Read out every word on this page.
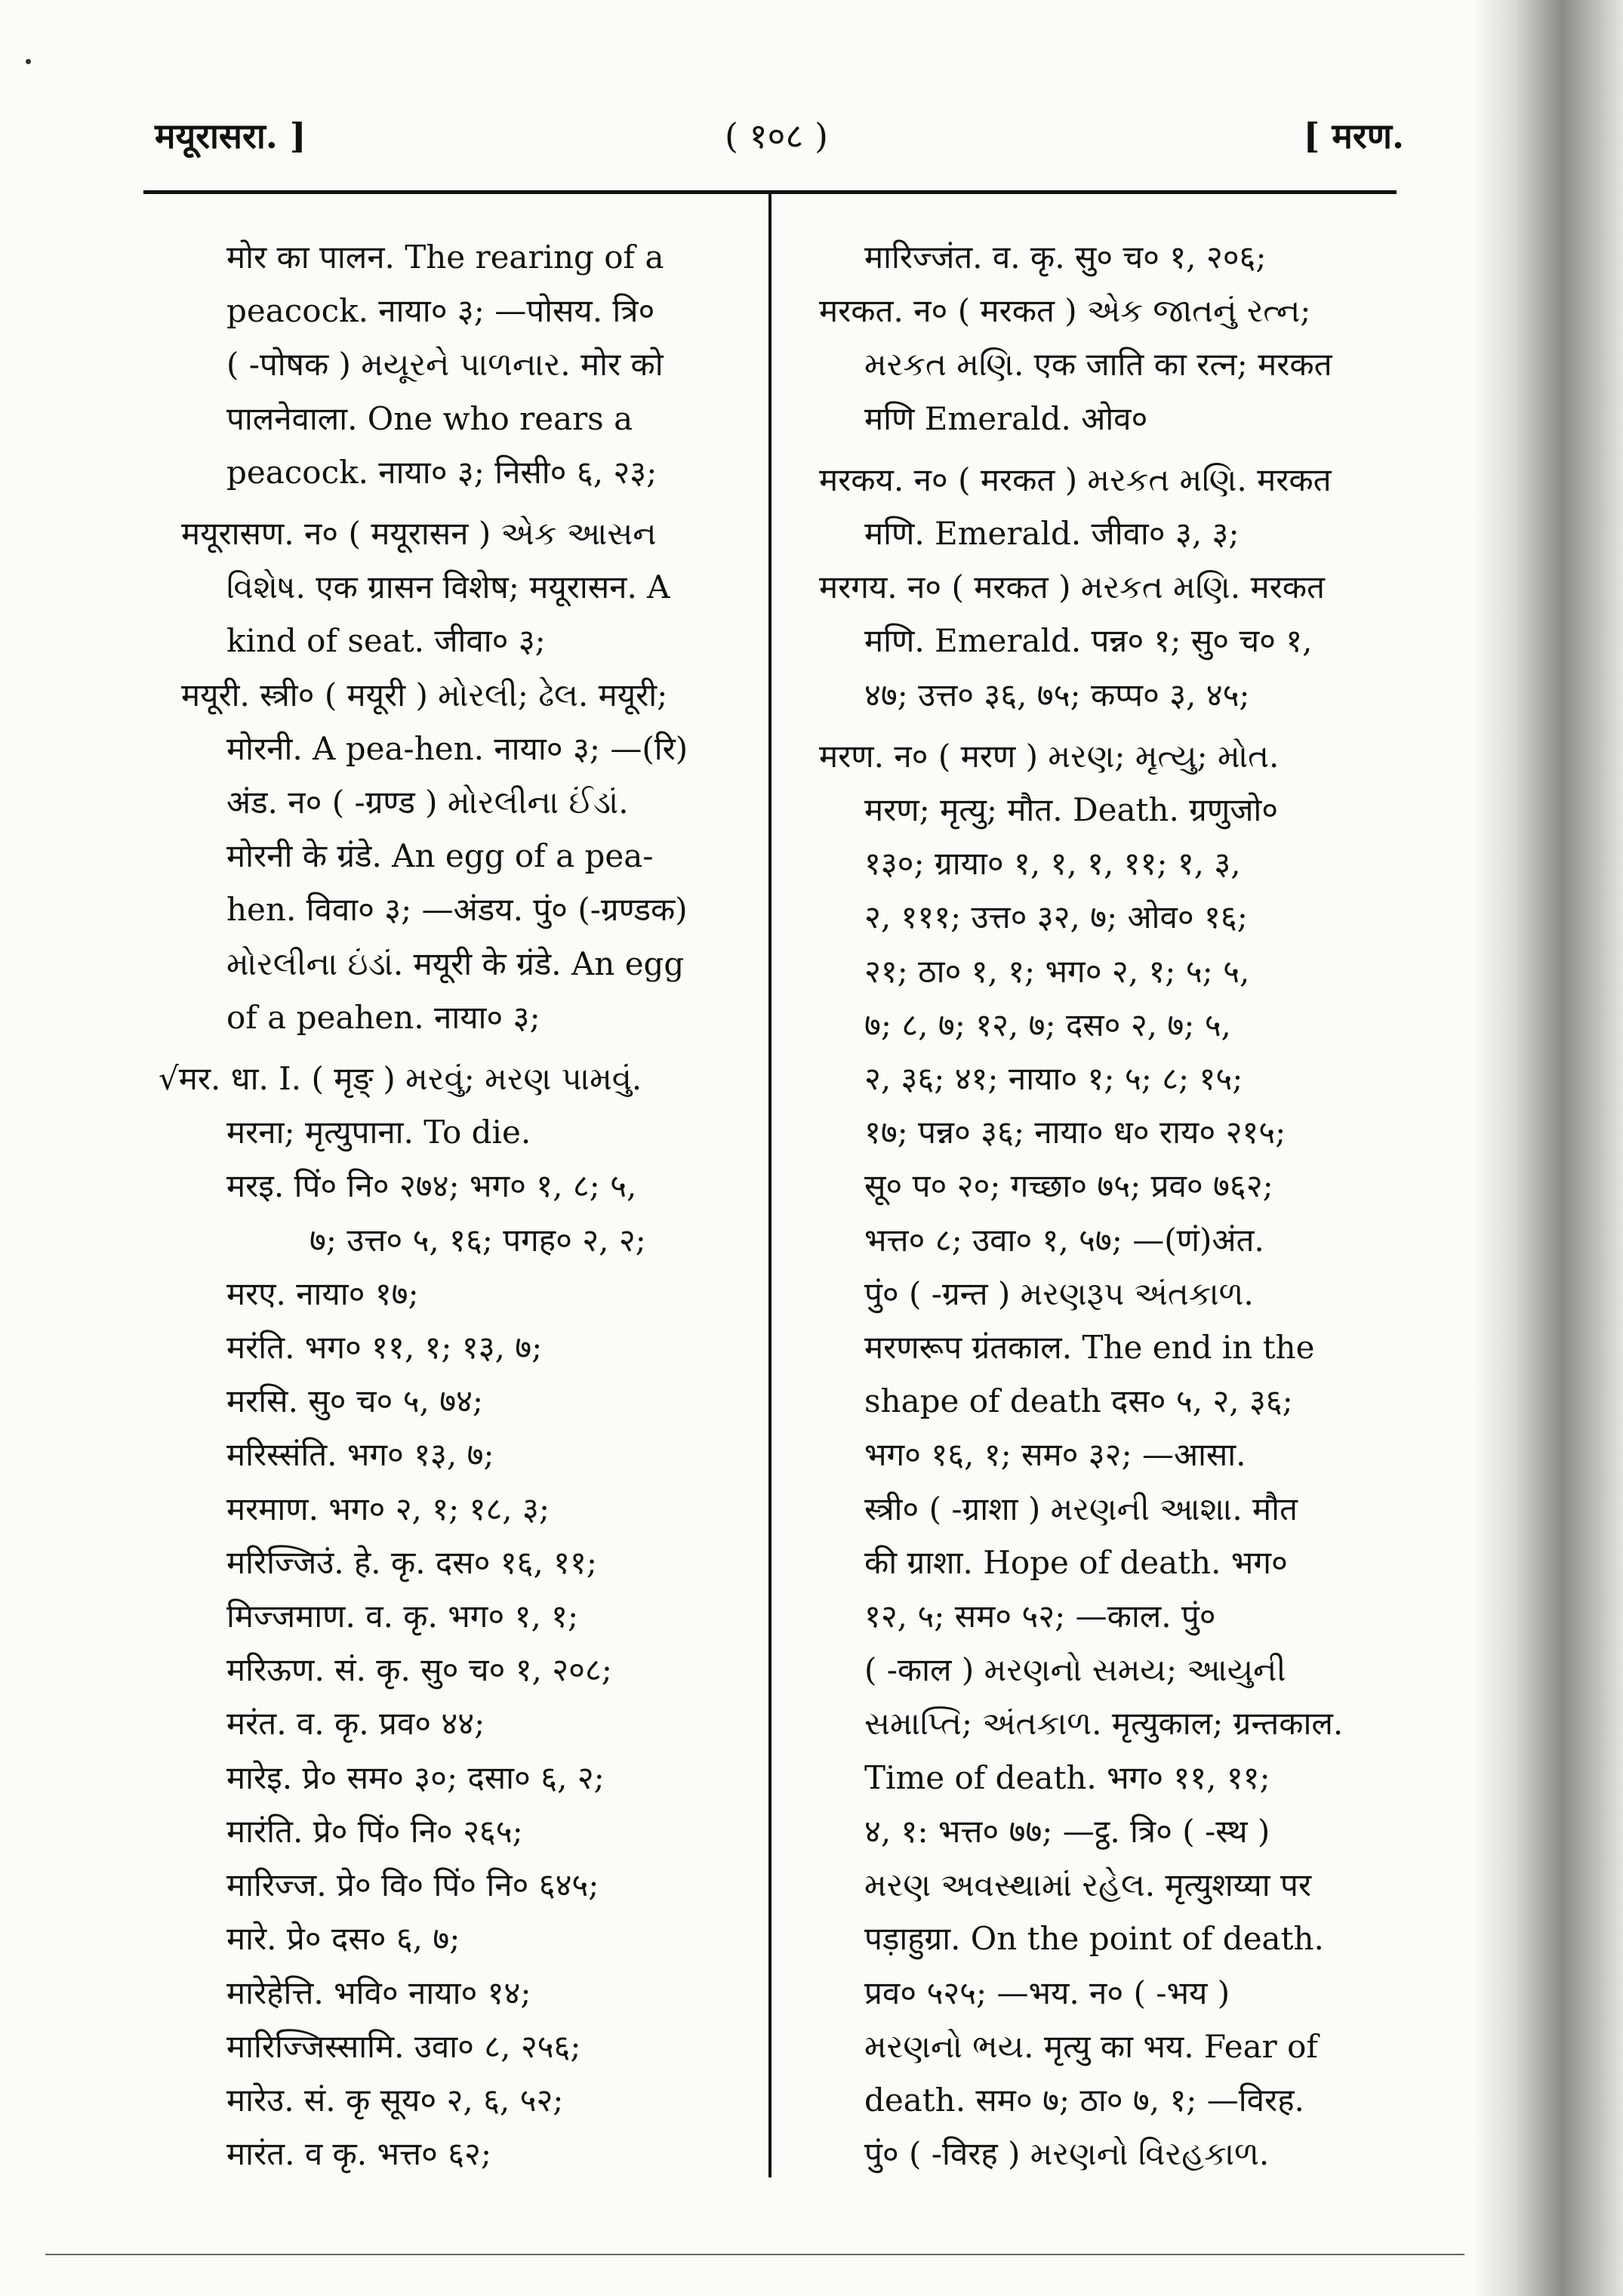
मयूरासरा. ]	( १०८ )	[ मरण.
मोर का पालन. The rearing of a
peacock. नाया० ३; —पोसय. त्रि०
( -पोषक ) મયૂરને પાળનાર. मोर को
पालनेवाला. One who rears a
peacock. नाया० ३; निसी० ६, २३;
मयूरासण. न० ( मयूरासन ) એક આસન
વિશેષ. एक ग्रासन विशेष; मयूरासन. A
kind of seat. जीवा० ३;
मयूरी. स्त्री० ( मयूरी ) મોરલી; ઢેલ. मयूरी;
मोरनी. A pea-hen. नाया० ३; —(रि)
अंड. न० ( -ग्रण्ड ) મોરલીના ઈંડાં.
मोरनी के ग्रंडे. An egg of a pea-
hen. विवा० ३; —अंडय. पुं० (-ग्रण्डक)
મોરલીના ઇંડાં. मयूरी के ग्रंडे. An egg
of a peahen. नाया० ३;
√मर. धा. I. ( मृङ् ) મરવું; મરણ પામવું.
मरना; मृत्युपाना. To die.
मरइ. पिं० नि० २७४; भग० १, ८; ५,
७; उत्त० ५, १६; पगह० २, २;
मरए. नाया० १७;
मरंति. भग० ११, १; १३, ७;
मरसि. सु० च० ५, ७४;
मरिस्संति. भग० १३, ७;
मरमाण. भग० २, १; १८, ३;
मरिज्जिउं. हे. कृ. दस० १६, ११;
मिज्जमाण. व. कृ. भग० १, १;
मरिऊण. सं. कृ. सु० च० १, २०८;
मरंत. व. कृ. प्रव० ४४;
मारेइ. प्रे० सम० ३०; दसा० ६, २;
मारंति. प्रे० पिं० नि० २६५;
मारिज्ज. प्रे० वि० पिं० नि० ६४५;
मारे. प्रे० दस० ६, ७;
मारेहेत्ति. भवि० नाया० १४;
मारिज्जिस्सामि. उवा० ८, २५६;
मारेउ. सं. कृ सूय० २, ६, ५२;
मारंत. व कृ. भत्त० ६२;
मारिज्जंत. व. कृ. सु० च० १, २०६;
मरकत. न० ( मरकत ) એક જાતનું રત્ન;
મરકત મણિ. एक जाति का रत्न; मरकत
मणि Emerald. ओव०
मरकय. न० ( मरकत ) મરકત મણિ. मरकत
मणि. Emerald. जीवा० ३, ३;
मरगय. न० ( मरकत ) મરકત મણિ. मरकत
मणि. Emerald. पन्न० १; सु० च० १,
४७; उत्त० ३६, ७५; कप्प० ३, ४५;
मरण. न० ( मरण ) મરણ; મૃત્યુ; મોત.
मरण; मृत्यु; मौत. Death. ग्रणुजो०
१३०; ग्राया० १, १, १, ११; १, ३,
२, १११; उत्त० ३२, ७; ओव० १६;
२१; ठा० १, १; भग० २, १; ५; ५,
७; ८, ७; १२, ७; दस० २, ७; ५,
२, ३६; ४१; नाया० १; ५; ८; १५;
१७; पन्न० ३६; नाया० ध० राय० २१५;
सू० प० २०; गच्छा० ७५; प्रव० ७६२;
भत्त० ८; उवा० १, ५७; —(णं)अंत.
पुं० ( -ग्रन्त ) મરણરૂપ અંતકાળ.
मरणरूप ग्रंतकाल. The end in the
shape of death दस० ५, २, ३६;
भग० १६, १; सम० ३२; —आसा.
स्त्री० ( -ग्राशा ) મરણની આશા. मौत
की ग्राशा. Hope of death. भग०
१२, ५; सम० ५२; —काल. पुं०
( -काल ) મરણનો સમય; આયુની
સમાપ્તિ; અંતકાળ. मृत्युकाल; ग्रन्तकाल.
Time of death. भग० ११, ११;
४, १: भत्त० ७७; —ट्ठ. त्रि० ( -स्थ )
મરણ અવસ્થામાં રહેલ. मृत्युशय्या पर
पड़ाहुग्रा. On the point of death.
प्रव० ५२५; —भय. न० ( -भय )
મરણનો ભય. मृत्यु का भय. Fear of
death. सम० ७; ठा० ७, १; —विरह.
पुं० ( -विरह ) મરણનો વિરહકાળ.
